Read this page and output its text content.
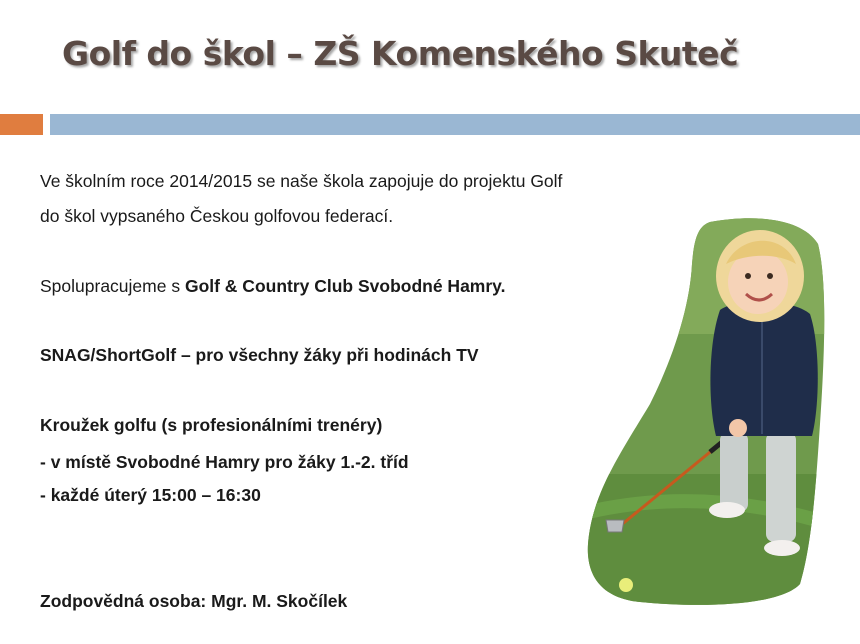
Golf do škol – ZŠ Komenského Skuteč
Ve školním roce 2014/2015 se naše škola zapojuje do projektu Golf
do škol vypsaného Českou golfovou federací.
Spolupracujeme s Golf & Country Club Svobodné Hamry.
SNAG/ShortGolf – pro všechny žáky při hodinách TV
Kroužek golfu (s profesionálními trenéry)
- v místě Svobodné Hamry pro žáky 1.-2. tříd
- každé úterý 15:00 – 16:30
Zodpovědná osoba: Mgr. M. Skočílek
